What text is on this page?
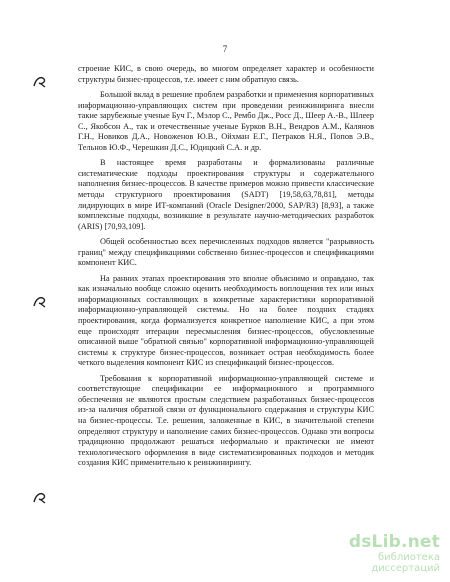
7

строение КИС, в свою очередь, во многом определяет характер и особенности структуры бизнес-процессов, т.е. имеет с ним обратную связь.

Большой вклад в решение проблем разработки и применения корпоративных информационно-управляющих систем при проведении реинжиниринга внесли такие зарубежные ученые Буч Г., Мэлор С., Рембо Дж., Росс Д., Шеер А.-В., Шлеер С., Якобсон А., так и отечественные ученые Бурков В.Н., Вендров А.М., Калянов Г.Н., Новиков Д.А., Новоженов Ю.В., Ойхман Е.Г., Петраков Н.Я., Попов Э.В., Тельнов Ю.Ф., Черешкин Д.С., Юдицкий С.А. и др.

В настоящее время разработаны и формализованы различные систематические подходы проектирования структуры и содержательного наполнения бизнес-процессов. В качестве примеров можно привести классические методы структурного проектирования (SADT) [19,58,63,78,81], методы лидирующих в мире ИТ-компаний (Oracle Designer/2000, SAP/R3) [8,93], а также комплексные подходы, возникшие в результате научно-методических разработок (ARIS) [70,93,109].

Общей особенностью всех перечисленных подходов является "разрывность границ" между спецификациями собственно бизнес-процессов и спецификациями компонент КИС.

На ранних этапах проектирования это вполне объяснимо и оправдано, так как изначально вообще сложно оценить необходимость воплощения тех или иных информационных составляющих в конкретные характеристики корпоративной информационно-управляющей системы. Но на более поздних стадиях проектирования, когда формализуется конкретное наполнение КИС, а при этом еще происходят итерации пересмысления бизнес-процессов, обусловленные описанной выше "обратной связью" корпоративной информационно-управляющей системы к структуре бизнес-процессов, возникает острая необходимость более четкого выделения компонент КИС из спецификаций бизнес-процессов.

Требования к корпоративной информационно-управляющей системе и соответствующие спецификации ее информационного и программного обеспечения не являются простым следствием разработанных бизнес-процессов из-за наличия обратной связи от функционального содержания и структуры КИС на бизнес-процессы. Т.е. решения, заложенные в КИС, в значительной степени определяют структуру и наполнение самих бизнес-процессов. Однако эти вопросы традиционно продолжают решаться неформально и практически не имеют технологического оформления в виде систематизированных подходов и методик создания КИС применительно к реинжинирингу.

dsLib.net
библиотека диссертаций
